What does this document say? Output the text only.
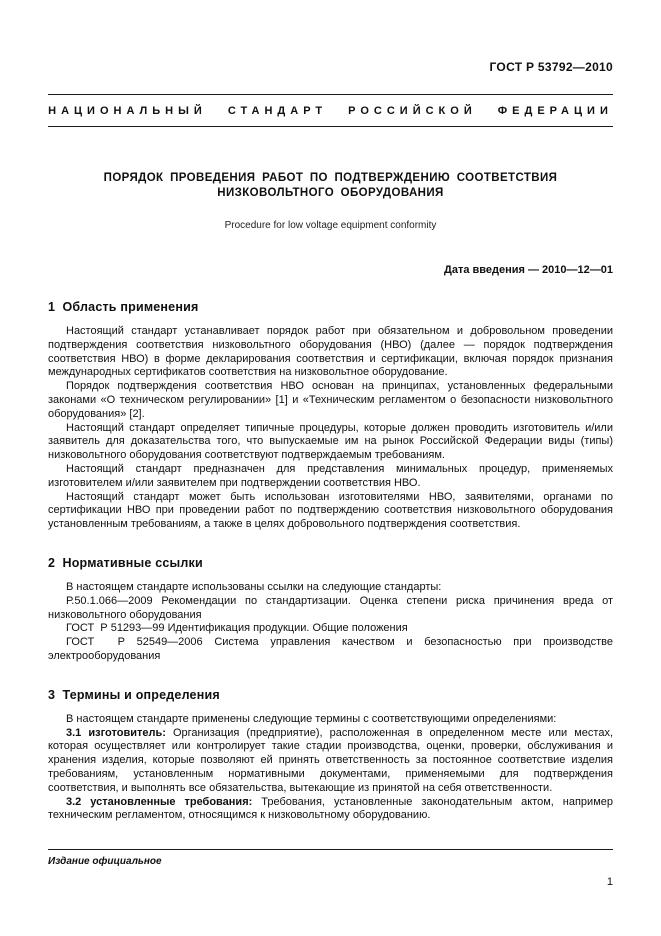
ГОСТ Р 53792—2010
НАЦИОНАЛЬНЫЙ СТАНДАРТ РОССИЙСКОЙ ФЕДЕРАЦИИ
ПОРЯДОК ПРОВЕДЕНИЯ РАБОТ ПО ПОДТВЕРЖДЕНИЮ СООТВЕТСТВИЯ
НИЗКОВОЛЬТНОГО ОБОРУДОВАНИЯ
Procedure for low voltage equipment conformity
Дата введения — 2010—12—01
1  Область применения

Настоящий стандарт устанавливает порядок работ при обязательном и добровольном проведении подтверждения соответствия низковольтного оборудования (НВО) (далее — порядок подтверждения соответствия НВО) в форме декларирования соответствия и сертификации, включая порядок признания международных сертификатов соответствия на низковольтное оборудование.

Порядок подтверждения соответствия НВО основан на принципах, установленных федеральными законами «О техническом регулировании» [1] и «Техническим регламентом о безопасности низковольтного оборудования» [2].

Настоящий стандарт определяет типичные процедуры, которые должен проводить изготовитель и/или заявитель для доказательства того, что выпускаемые им на рынок Российской Федерации виды (типы) низковольтного оборудования соответствуют подтверждаемым требованиям.

Настоящий стандарт предназначен для представления минимальных процедур, применяемых изготовителем и/или заявителем при подтверждении соответствия НВО.

Настоящий стандарт может быть использован изготовителями НВО, заявителями, органами по сертификации НВО при проведении работ по подтверждению соответствия низковольтного оборудования установленным требованиям, а также в целях добровольного подтверждения соответствия.

2  Нормативные ссылки

В настоящем стандарте использованы ссылки на следующие стандарты:

Р.50.1.066—2009 Рекомендации по стандартизации. Оценка степени риска причинения вреда от низковольтного оборудования

ГОСТ  Р 51293—99 Идентификация продукции. Общие положения

ГОСТ  Р 52549—2006 Система управления качеством и безопасностью при производстве электрооборудования

3  Термины и определения

В настоящем стандарте применены следующие термины с соответствующими определениями:

3.1 изготовитель: Организация (предприятие), расположенная в определенном месте или местах, которая осуществляет или контролирует такие стадии производства, оценки, проверки, обслуживания и хранения изделия, которые позволяют ей принять ответственность за постоянное соответствие изделия требованиям, установленным нормативными документами, применяемыми для подтверждения соответствия, и выполнять все обязательства, вытекающие из принятой на себя ответственности.

3.2 установленные требования: Требования, установленные законодательным актом, например техническим регламентом, относящимся к низковольтному оборудованию.

Издание официальное
1
